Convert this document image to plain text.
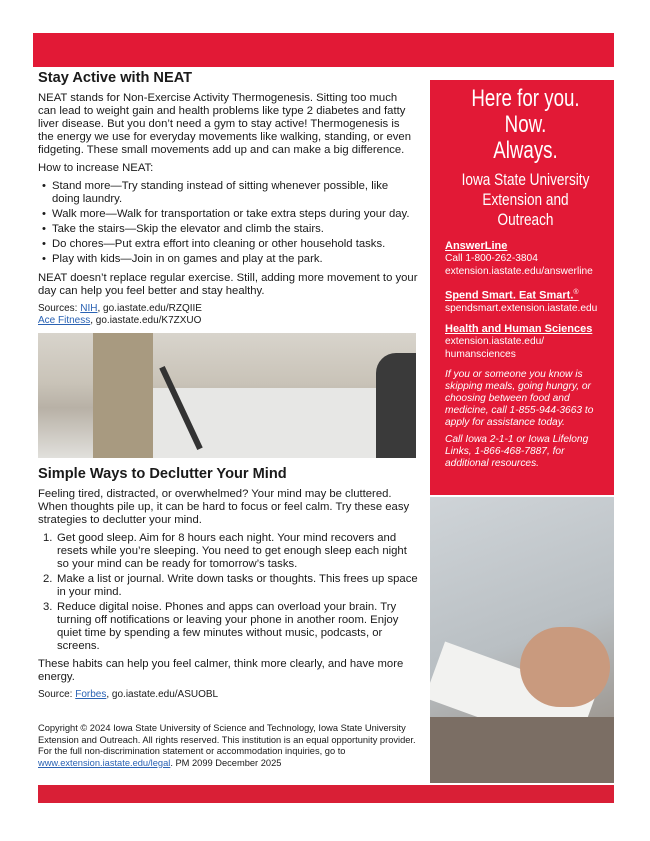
Stay Active with NEAT

NEAT stands for Non-Exercise Activity Thermogenesis. Sitting too much can lead to weight gain and health problems like type 2 diabetes and fatty liver disease. But you don’t need a gym to stay active! Thermogenesis is the energy we use for everyday movements like walking, standing, or even fidgeting. These small movements add up and can make a big difference.

How to increase NEAT:

• Stand more—Try standing instead of sitting whenever possible, like doing laundry.
• Walk more—Walk for transportation or take extra steps during your day.
• Take the stairs—Skip the elevator and climb the stairs.
• Do chores—Put extra effort into cleaning or other household tasks.
• Play with kids—Join in on games and play at the park.

NEAT doesn’t replace regular exercise. Still, adding more movement to your day can help you feel better and stay healthy.

Sources: NIH, go.iastate.edu/RZQIIE
Ace Fitness, go.iastate.edu/K7ZXUO
Simple Ways to Declutter Your Mind

Feeling tired, distracted, or overwhelmed? Your mind may be cluttered. When thoughts pile up, it can be hard to focus or feel calm. Try these easy strategies to declutter your mind.

1. Get good sleep. Aim for 8 hours each night. Your mind recovers and resets while you’re sleeping. You need to get enough sleep each night so your mind can be ready for tomorrow’s tasks.
2. Make a list or journal. Write down tasks or thoughts. This frees up space in your mind.
3. Reduce digital noise. Phones and apps can overload your brain. Try turning off notifications or leaving your phone in another room. Enjoy quiet time by spending a few minutes without music, podcasts, or screens.

These habits can help you feel calmer, think more clearly, and have more energy.

Source: Forbes, go.iastate.edu/ASUOBL
Copyright © 2024 Iowa State University of Science and Technology, Iowa State University Extension and Outreach. All rights reserved. This institution is an equal opportunity provider. For the full non-discrimination statement or accommodation inquiries, go to www.extension.iastate.edu/legal. PM 2099 December 2025
Here for you.
Now.
Always.
Iowa State University
Extension and Outreach
AnswerLine
Call 1-800-262-3804
extension.iastate.edu/answerline
Spend Smart. Eat Smart.®
spendsmart.extension.iastate.edu
Health and Human Sciences
extension.iastate.edu/ humansciences
If you or someone you know is skipping meals, going hungry, or choosing between food and medicine, call 1-855-944-3663 to apply for assistance today.
Call Iowa 2-1-1 or Iowa Lifelong Links, 1-866-468-7887, for additional resources.
